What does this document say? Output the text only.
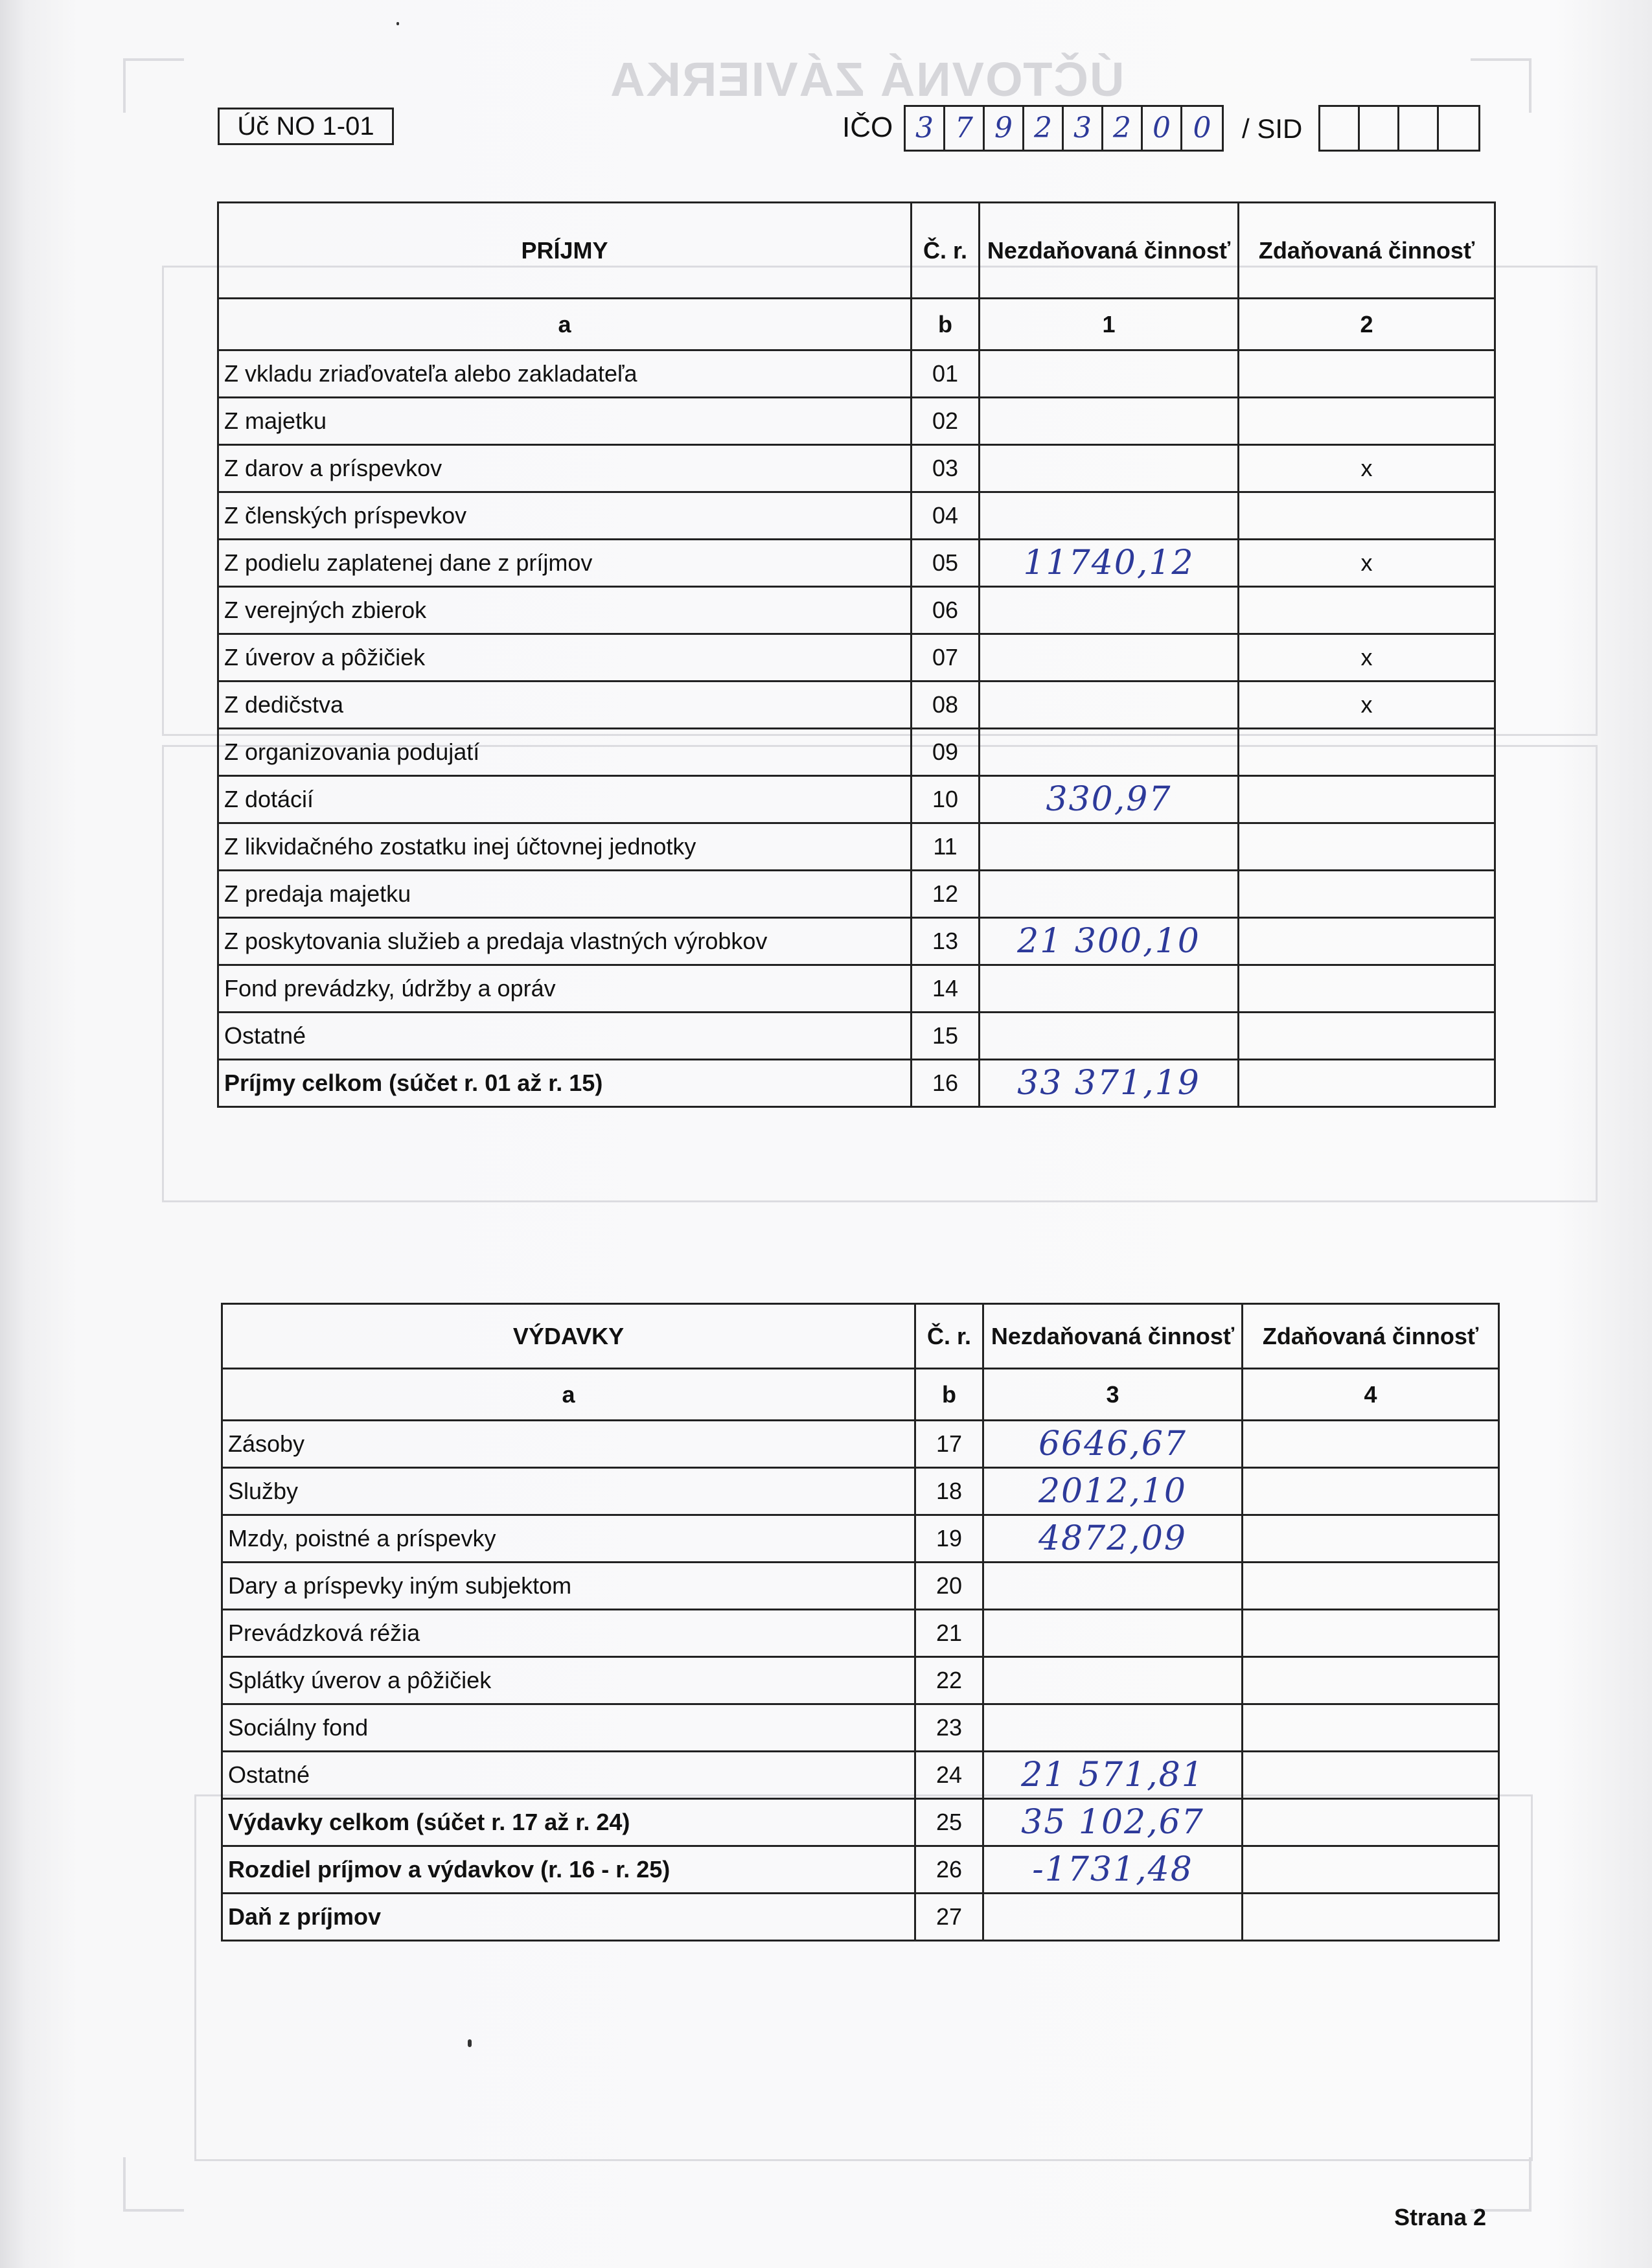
ÚČTOVNÁ ZÁVIERKA
Úč NO 1-01	IČO 3 7 9 2 3 2 0 0	/ SID
PRÍJMY	Č. r.	Nezdaňovaná činnosť	Zdaňovaná činnosť
a	b	1	2
Z vkladu zriaďovateľa alebo zakladateľa	01		
Z majetku	02		
Z darov a príspevkov	03		x
Z členských príspevkov	04		
Z podielu zaplatenej dane z príjmov	05	11740,12	x
Z verejných zbierok	06		
Z úverov a pôžičiek	07		x
Z dedičstva	08		x
Z organizovania podujatí	09		
Z dotácií	10	330,97	
Z likvidačného zostatku inej účtovnej jednotky	11		
Z predaja majetku	12		
Z poskytovania služieb a predaja vlastných výrobkov	13	21 300,10	
Fond prevádzky, údržby a opráv	14		
Ostatné	15		
Príjmy celkom (súčet r. 01 až r. 15)	16	33 371,19	
VÝDAVKY	Č. r.	Nezdaňovaná činnosť	Zdaňovaná činnosť
a	b	3	4
Zásoby	17	6646,67	
Služby	18	2012,10	
Mzdy, poistné a príspevky	19	4872,09	
Dary a príspevky iným subjektom	20		
Prevádzková réžia	21		
Splátky úverov a pôžičiek	22		
Sociálny fond	23		
Ostatné	24	21 571,81	
Výdavky celkom (súčet r. 17 až r. 24)	25	35 102,67	
Rozdiel príjmov a výdavkov (r. 16 - r. 25)	26	-1731,48	
Daň z príjmov	27		
Strana 2
